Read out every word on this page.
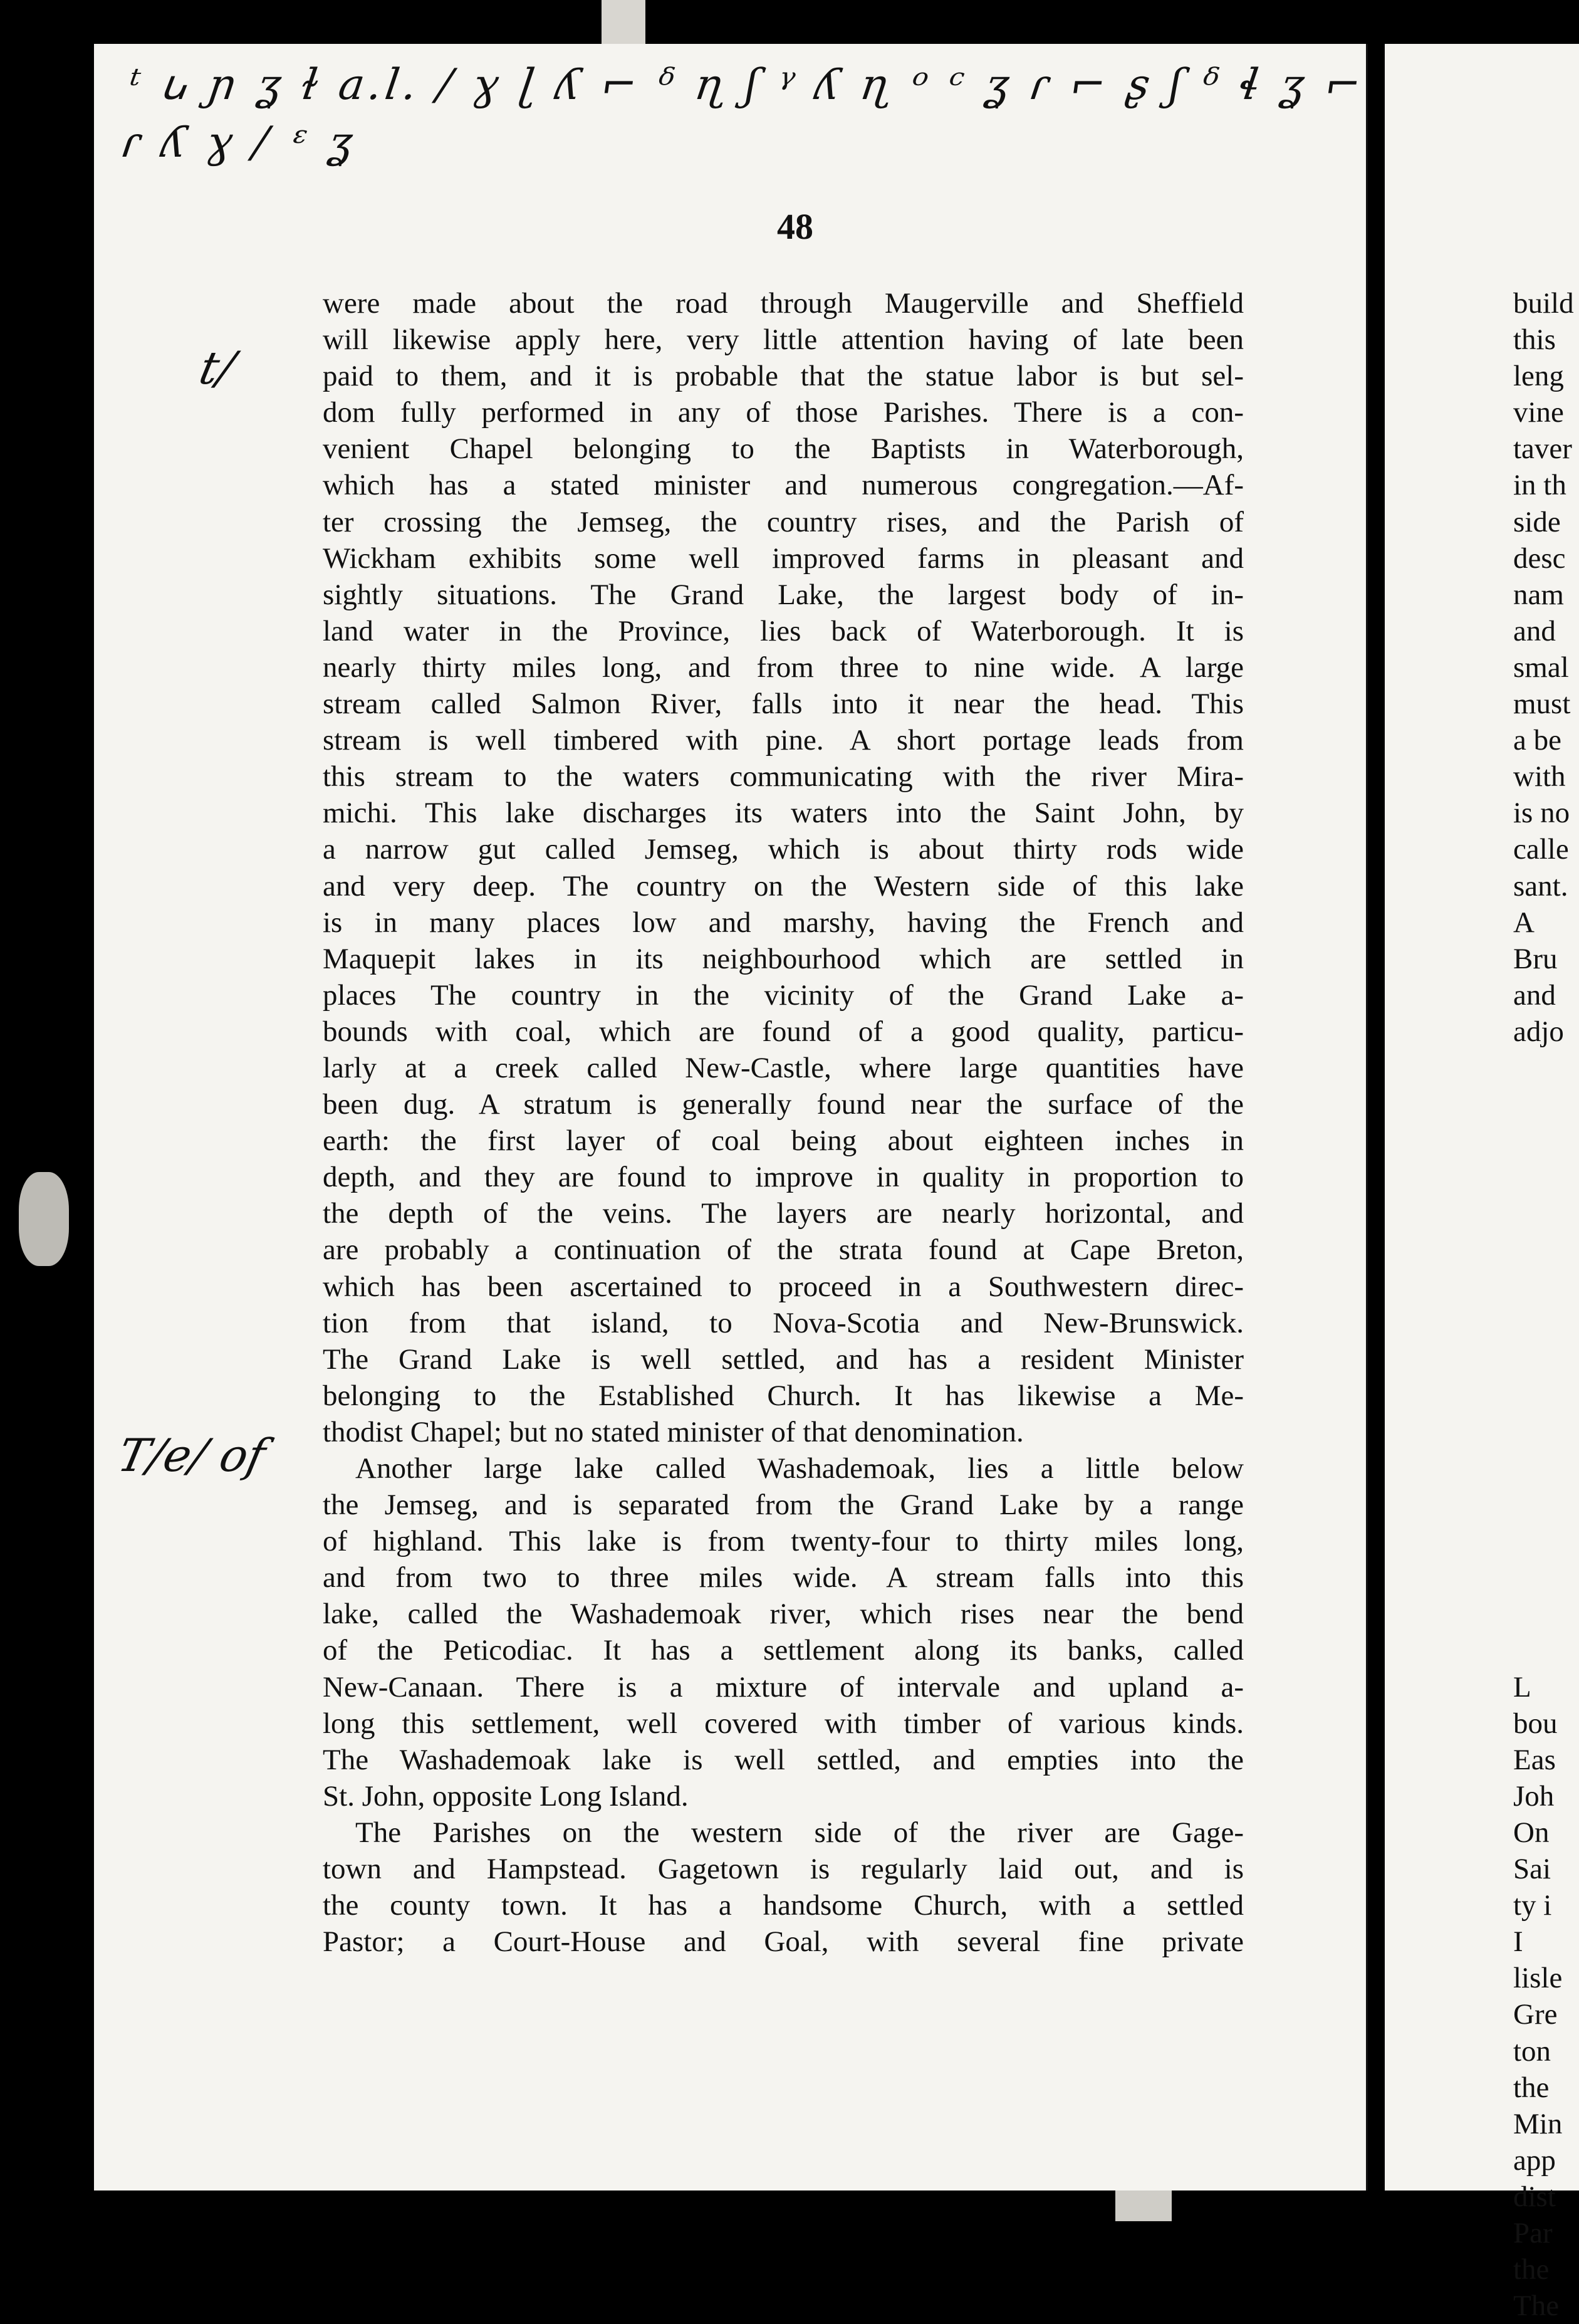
ᵗ ꭎ ɲ ʓ ɫ a.l. / ɣ ɭ ʎ ⌐ ᵟ ɳ ʃ ᵞ ʎ ɳ ᵒ ᶜ ʓ ɾ ⌐ ʂ ʃ ᵟ ɬ ʓ ⌐
ɾ ʎ ɣ / ᵋ ʓ
48
t/
T/e/ of
were made about the road through Maugerville and Sheffield
will likewise apply here, very little attention having of late been
paid to them, and it is probable that the statue labor is but sel-
dom fully performed in any of those Parishes. There is a con-
venient Chapel belonging to the Baptists in Waterborough,
which has a stated minister and numerous congregation.—Af-
ter crossing the Jemseg, the country rises, and the Parish of
Wickham exhibits some well improved farms in pleasant and
sightly situations. The Grand Lake, the largest body of in-
land water in the Province, lies back of Waterborough. It is
nearly thirty miles long, and from three to nine wide. A large
stream called Salmon River, falls into it near the head. This
stream is well timbered with pine. A short portage leads from
this stream to the waters communicating with the river Mira-
michi. This lake discharges its waters into the Saint John, by
a narrow gut called Jemseg, which is about thirty rods wide
and very deep. The country on the Western side of this lake
is in many places low and marshy, having the French and
Maquepit lakes in its neighbourhood which are settled in
places The country in the vicinity of the Grand Lake a-
bounds with coal, which are found of a good quality, particu-
larly at a creek called New-Castle, where large quantities have
been dug. A stratum is generally found near the surface of the
earth: the first layer of coal being about eighteen inches in
depth, and they are found to improve in quality in proportion to
the depth of the veins. The layers are nearly horizontal, and
are probably a continuation of the strata found at Cape Breton,
which has been ascertained to proceed in a Southwestern direc-
tion from that island, to Nova-Scotia and New-Brunswick.
The Grand Lake is well settled, and has a resident Minister
belonging to the Established Church. It has likewise a Me-
thodist Chapel; but no stated minister of that denomination.
Another large lake called Washademoak, lies a little below
the Jemseg, and is separated from the Grand Lake by a range
of highland. This lake is from twenty-four to thirty miles long,
and from two to three miles wide. A stream falls into this
lake, called the Washademoak river, which rises near the bend
of the Peticodiac. It has a settlement along its banks, called
New-Canaan. There is a mixture of intervale and upland a-
long this settlement, well covered with timber of various kinds.
The Washademoak lake is well settled, and empties into the
St. John, opposite Long Island.
The Parishes on the western side of the river are Gage-
town and Hampstead. Gagetown is regularly laid out, and is
the county town. It has a handsome Church, with a settled
Pastor; a Court-House and Goal, with several fine private
build
this
leng
vine
taver
in th
side
desc
nam
and
smal
must
a be
with
is no
calle
sant.
A
Bru
and
adjo
L
bou
Eas
Joh
On
Sai
ty i
I
lisle
Gre
ton
the
Min
app
dist
Par
the
The
